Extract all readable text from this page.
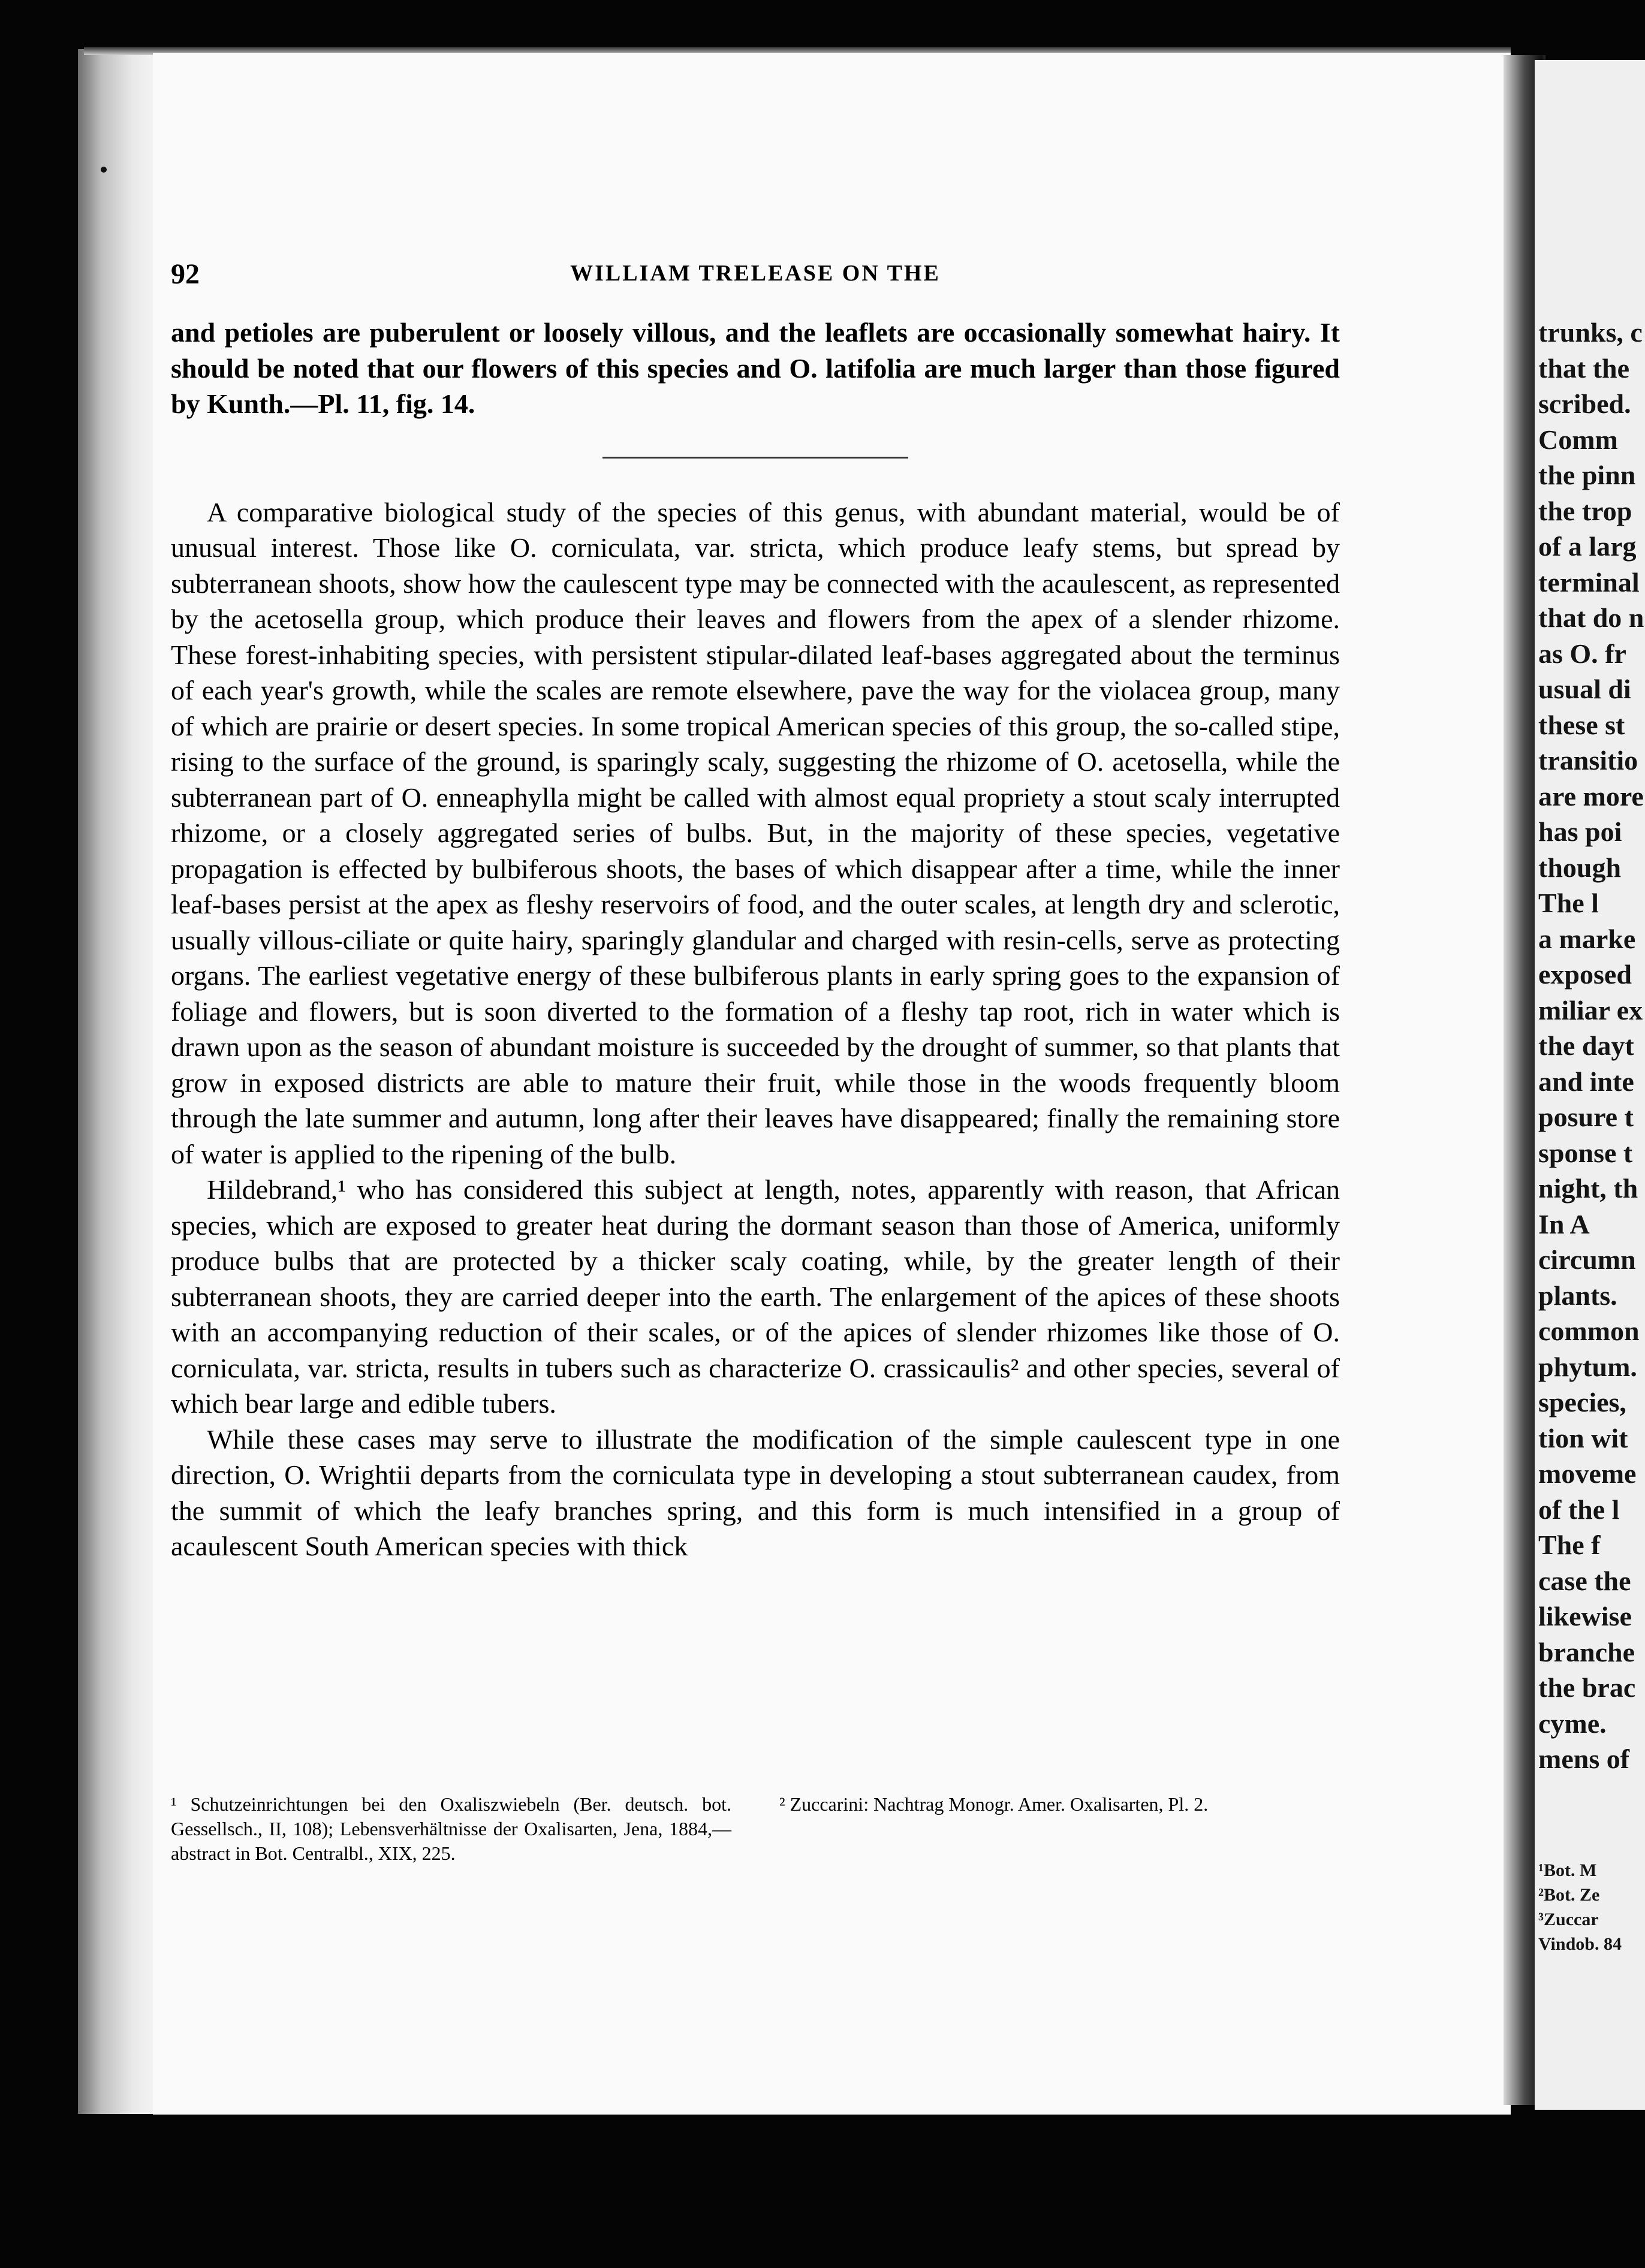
92	WILLIAM TRELEASE ON THE

and petioles are puberulent or loosely villous, and the leaflets are occasionally somewhat hairy. It should be noted that our flowers of this species and O. latifolia are much larger than those figured by Kunth.—Pl. 11, fig. 14.

A comparative biological study of the species of this genus, with abundant material, would be of unusual interest. Those like O. corniculata, var. stricta, which produce leafy stems, but spread by subterranean shoots, show how the caulescent type may be connected with the acaulescent, as represented by the acetosella group, which produce their leaves and flowers from the apex of a slender rhizome. These forest-inhabiting species, with persistent stipular-dilated leaf-bases aggregated about the terminus of each year's growth, while the scales are remote elsewhere, pave the way for the violacea group, many of which are prairie or desert species. In some tropical American species of this group, the so-called stipe, rising to the surface of the ground, is sparingly scaly, suggesting the rhizome of O. acetosella, while the subterranean part of O. enneaphylla might be called with almost equal propriety a stout scaly interrupted rhizome, or a closely aggregated series of bulbs. But, in the majority of these species, vegetative propagation is effected by bulbiferous shoots, the bases of which disappear after a time, while the inner leaf-bases persist at the apex as fleshy reservoirs of food, and the outer scales, at length dry and sclerotic, usually villous-ciliate or quite hairy, sparingly glandular and charged with resin-cells, serve as protecting organs. The earliest vegetative energy of these bulbiferous plants in early spring goes to the expansion of foliage and flowers, but is soon diverted to the formation of a fleshy tap root, rich in water which is drawn upon as the season of abundant moisture is succeeded by the drought of summer, so that plants that grow in exposed districts are able to mature their fruit, while those in the woods frequently bloom through the late summer and autumn, long after their leaves have disappeared; finally the remaining store of water is applied to the ripening of the bulb.

Hildebrand,¹ who has considered this subject at length, notes, apparently with reason, that African species, which are exposed to greater heat during the dormant season than those of America, uniformly produce bulbs that are protected by a thicker scaly coating, while, by the greater length of their subterranean shoots, they are carried deeper into the earth. The enlargement of the apices of these shoots with an accompanying reduction of their scales, or of the apices of slender rhizomes like those of O. corniculata, var. stricta, results in tubers such as characterize O. crassicaulis² and other species, several of which bear large and edible tubers.

While these cases may serve to illustrate the modification of the simple caulescent type in one direction, O. Wrightii departs from the corniculata type in developing a stout subterranean caudex, from the summit of which the leafy branches spring, and this form is much intensified in a group of acaulescent South American species with thick

¹ Schutzeinrichtungen bei den Oxaliszwiebeln (Ber. deutsch. bot. Gessellsch., II, 108); Lebensverhältnisse der Oxalisarten, Jena, 1884,—abstract in Bot. Centralbl., XIX, 225.
² Zuccarini: Nachtrag Monogr. Amer. Oxalisarten, Pl. 2.
trunks, c
that the
scribed.
Comm
the pinn
the trop
of a larg
terminal
that do n
as O. fr
usual di
these st
transitio
are more
has poi
though
The l
a marke
exposed
miliar ex
the dayt
and inte
posure t
sponse t
night, th
In A
circumn
plants.
common
phytum.
species,
tion wit
moveme
of the l
The f
case the
likewise
branche
the brac
cyme.
mens of
¹Bot. M
²Bot. Ze
³Zuccar
Vindob. 84
